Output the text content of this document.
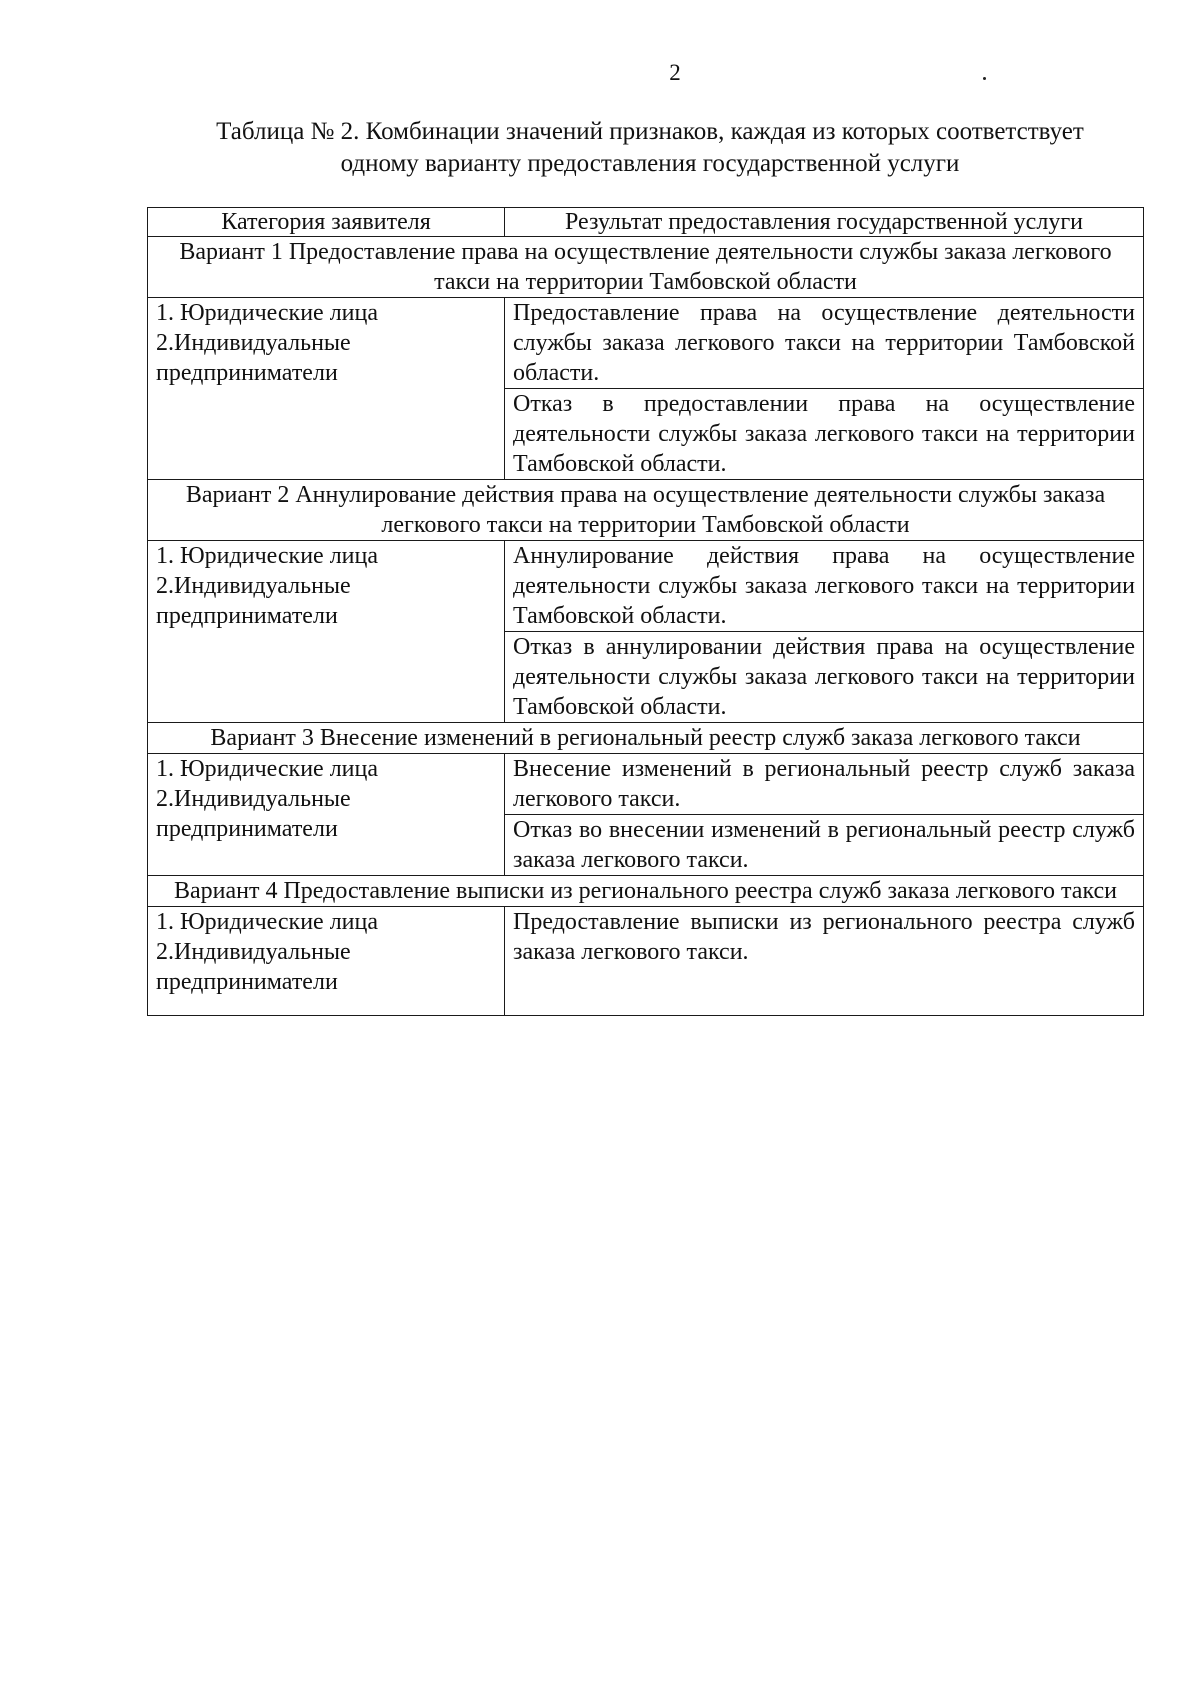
2
Таблица № 2. Комбинации значений признаков, каждая из которых соответствует
одному варианту предоставления государственной услуги
Категория заявителя	Результат предоставления государственной услуги
Вариант 1 Предоставление права на осуществление деятельности службы заказа легкового такси на территории Тамбовской области	

1. Юридические лица
2.Индивидуальные предприниматели	Предоставление права на осуществление деятельности службы заказа легкового такси на территории Тамбовской области.
	Отказ в предоставлении права на осуществление деятельности службы заказа легкового такси на территории Тамбовской области.
Вариант 2 Аннулирование действия права на осуществление деятельности службы заказа легкового такси на территории Тамбовской области	

1. Юридические лица
2.Индивидуальные предприниматели	Аннулирование действия права на осуществление деятельности службы заказа легкового такси на территории Тамбовской области.
	Отказ в аннулировании действия права на осуществление деятельности службы заказа легкового такси на территории Тамбовской области.
Вариант 3 Внесение изменений в региональный реестр служб заказа легкового такси	

1. Юридические лица
2.Индивидуальные предприниматели	Внесение изменений в региональный реестр служб заказа легкового такси.
	Отказ во внесении изменений в региональный реестр служб заказа легкового такси.
Вариант 4 Предоставление выписки из регионального реестра служб заказа легкового такси	

1. Юридические лица
2.Индивидуальные предприниматели	Предоставление выписки из регионального реестра служб заказа легкового такси.
